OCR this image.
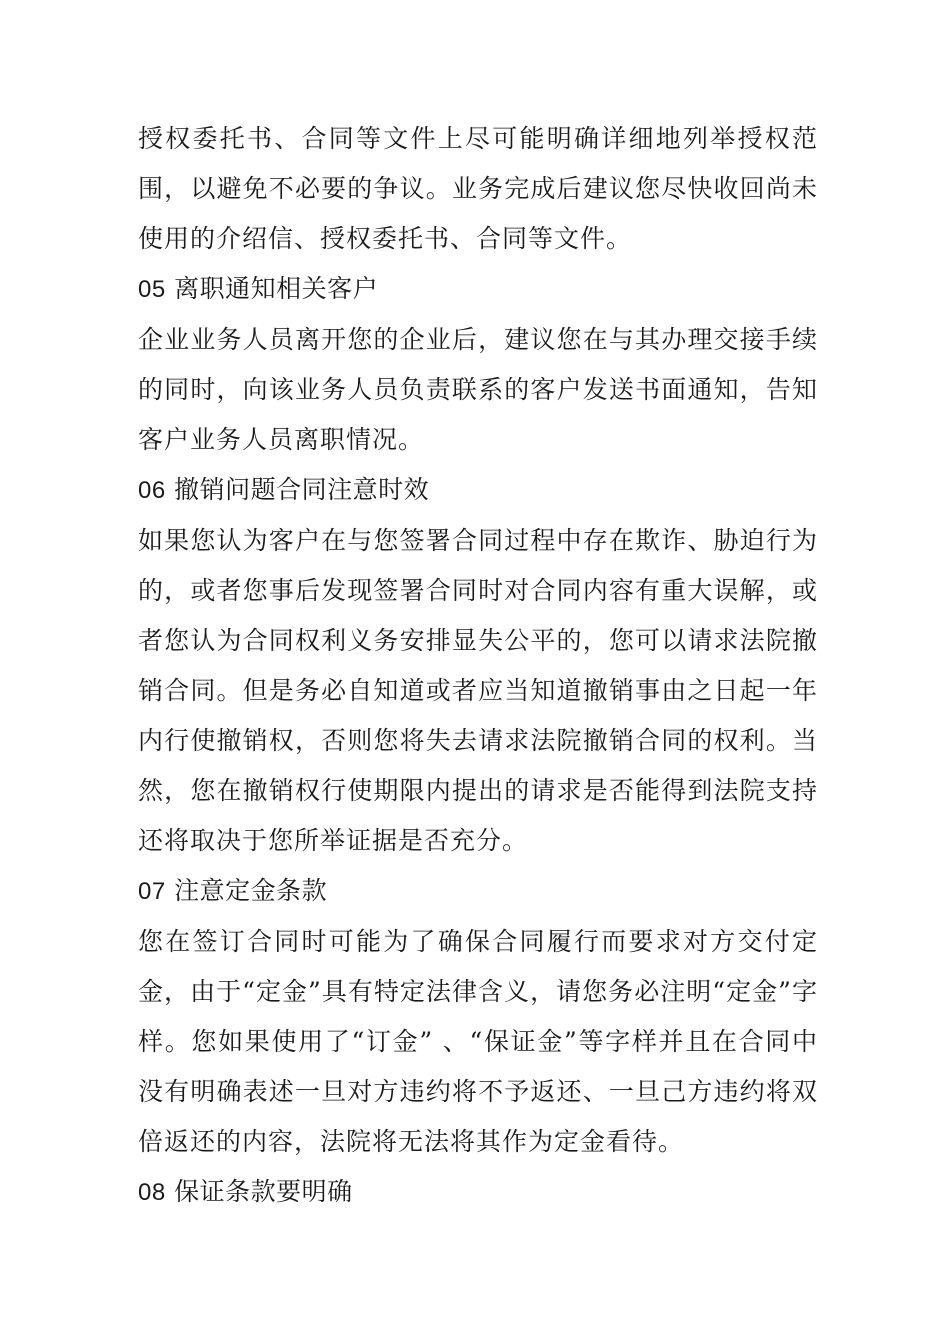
授权委托书、合同等文件上尽可能明确详细地列举授权范围，以避免不必要的争议。业务完成后建议您尽快收回尚未使用的介绍信、授权委托书、合同等文件。

05 离职通知相关客户

企业业务人员离开您的企业后，建议您在与其办理交接手续的同时，向该业务人员负责联系的客户发送书面通知，告知客户业务人员离职情况。

06 撤销问题合同注意时效

如果您认为客户在与您签署合同过程中存在欺诈、胁迫行为的，或者您事后发现签署合同时对合同内容有重大误解，或者您认为合同权利义务安排显失公平的，您可以请求法院撤销合同。但是务必自知道或者应当知道撤销事由之日起一年内行使撤销权，否则您将失去请求法院撤销合同的权利。当然，您在撤销权行使期限内提出的请求是否能得到法院支持还将取决于您所举证据是否充分。

07 注意定金条款

您在签订合同时可能为了确保合同履行而要求对方交付定金，由于“定金”具有特定法律含义，请您务必注明“定金”字样。您如果使用了“订金” 、“保证金”等字样并且在合同中没有明确表述一旦对方违约将不予返还、一旦己方违约将双倍返还的内容，法院将无法将其作为定金看待。

08 保证条款要明确
